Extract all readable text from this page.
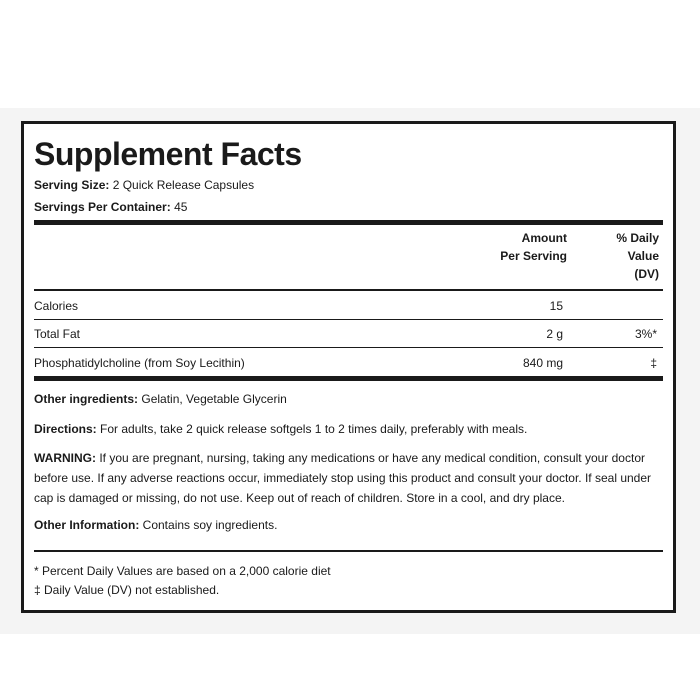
Supplement Facts
Serving Size: 2 Quick Release Capsules
Servings Per Container: 45
Amount
Per Serving
% Daily
Value
(DV)
Calories	15
Total Fat	2 g	3%*
Phosphatidylcholine (from Soy Lecithin)	840 mg	‡
Other ingredients: Gelatin, Vegetable Glycerin
Directions: For adults, take 2 quick release softgels 1 to 2 times daily, preferably with meals.
WARNING: If you are pregnant, nursing, taking any medications or have any medical condition, consult your doctor before use. If any adverse reactions occur, immediately stop using this product and consult your doctor. If seal under cap is damaged or missing, do not use. Keep out of reach of children. Store in a cool, and dry place.
Other Information: Contains soy ingredients.
* Percent Daily Values are based on a 2,000 calorie diet
‡ Daily Value (DV) not established.
